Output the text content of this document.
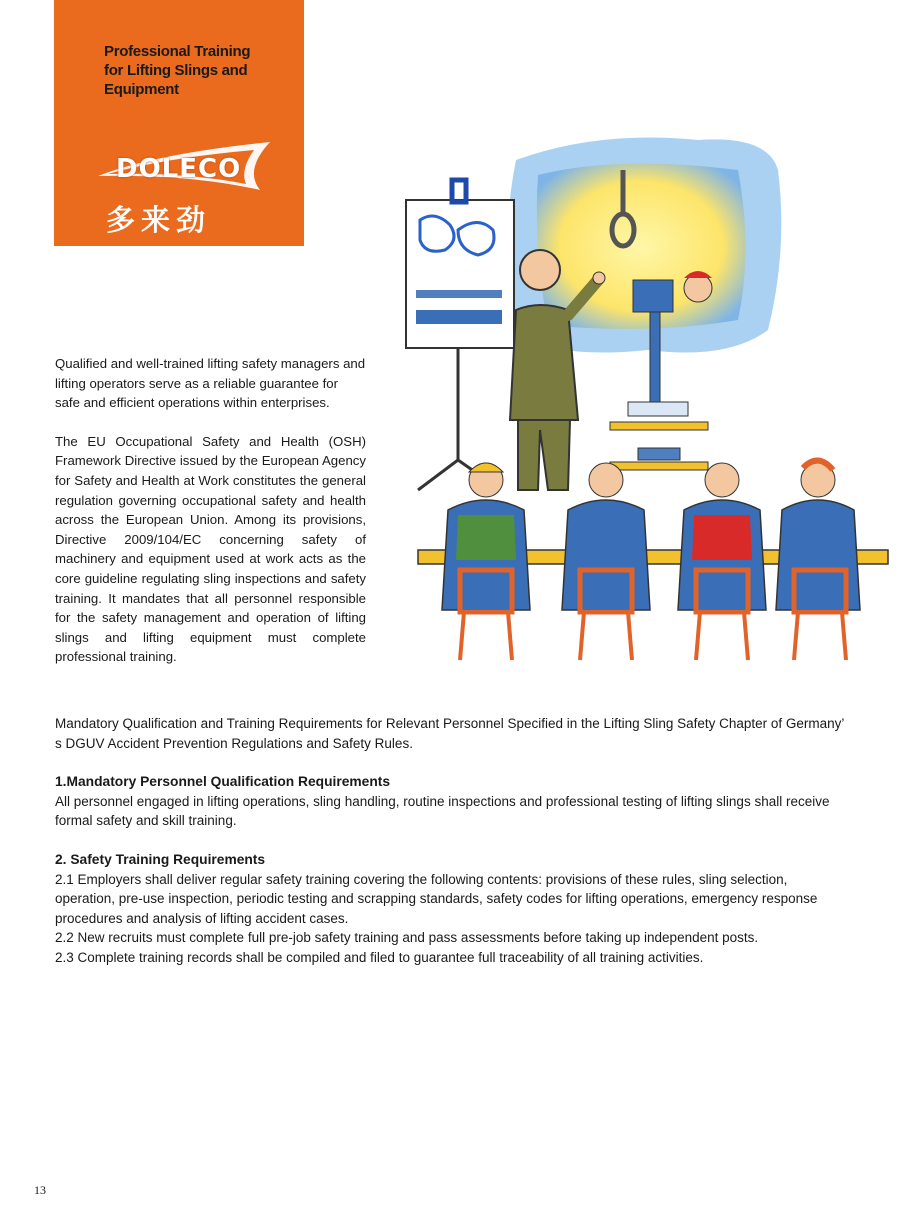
Professional Training
for Lifting Slings and
Equipment
DOLECO
多来劲

Qualified and well-trained lifting safety managers and lifting operators serve as a reliable guarantee for safe and efficient operations within enterprises.

The EU Occupational Safety and Health (OSH) Framework Directive issued by the European Agency for Safety and Health at Work constitutes the general regulation governing occupational safety and health across the European Union. Among its provisions, Directive 2009/104/EC concerning safety of machinery and equipment used at work acts as the core guideline regulating sling inspections and safety training. It mandates that all personnel responsible for the safety management and operation of lifting slings and lifting equipment must complete professional training.

Mandatory Qualification and Training Requirements for Relevant Personnel Specified in the Lifting Sling Safety Chapter of Germany’ s DGUV Accident Prevention Regulations and Safety Rules.

1.Mandatory Personnel Qualification Requirements

All personnel engaged in lifting operations, sling handling, routine inspections and professional testing of lifting slings shall receive formal safety and skill training.

2. Safety Training Requirements

2.1 Employers shall deliver regular safety training covering the following contents: provisions of these rules, sling selection, operation, pre-use inspection, periodic testing and scrapping standards, safety codes for lifting operations, emergency response procedures and analysis of lifting accident cases.

2.2 New recruits must complete full pre-job safety training and pass assessments before taking up independent posts.

2.3 Complete training records shall be compiled and filed to guarantee full traceability of all training activities.

13
